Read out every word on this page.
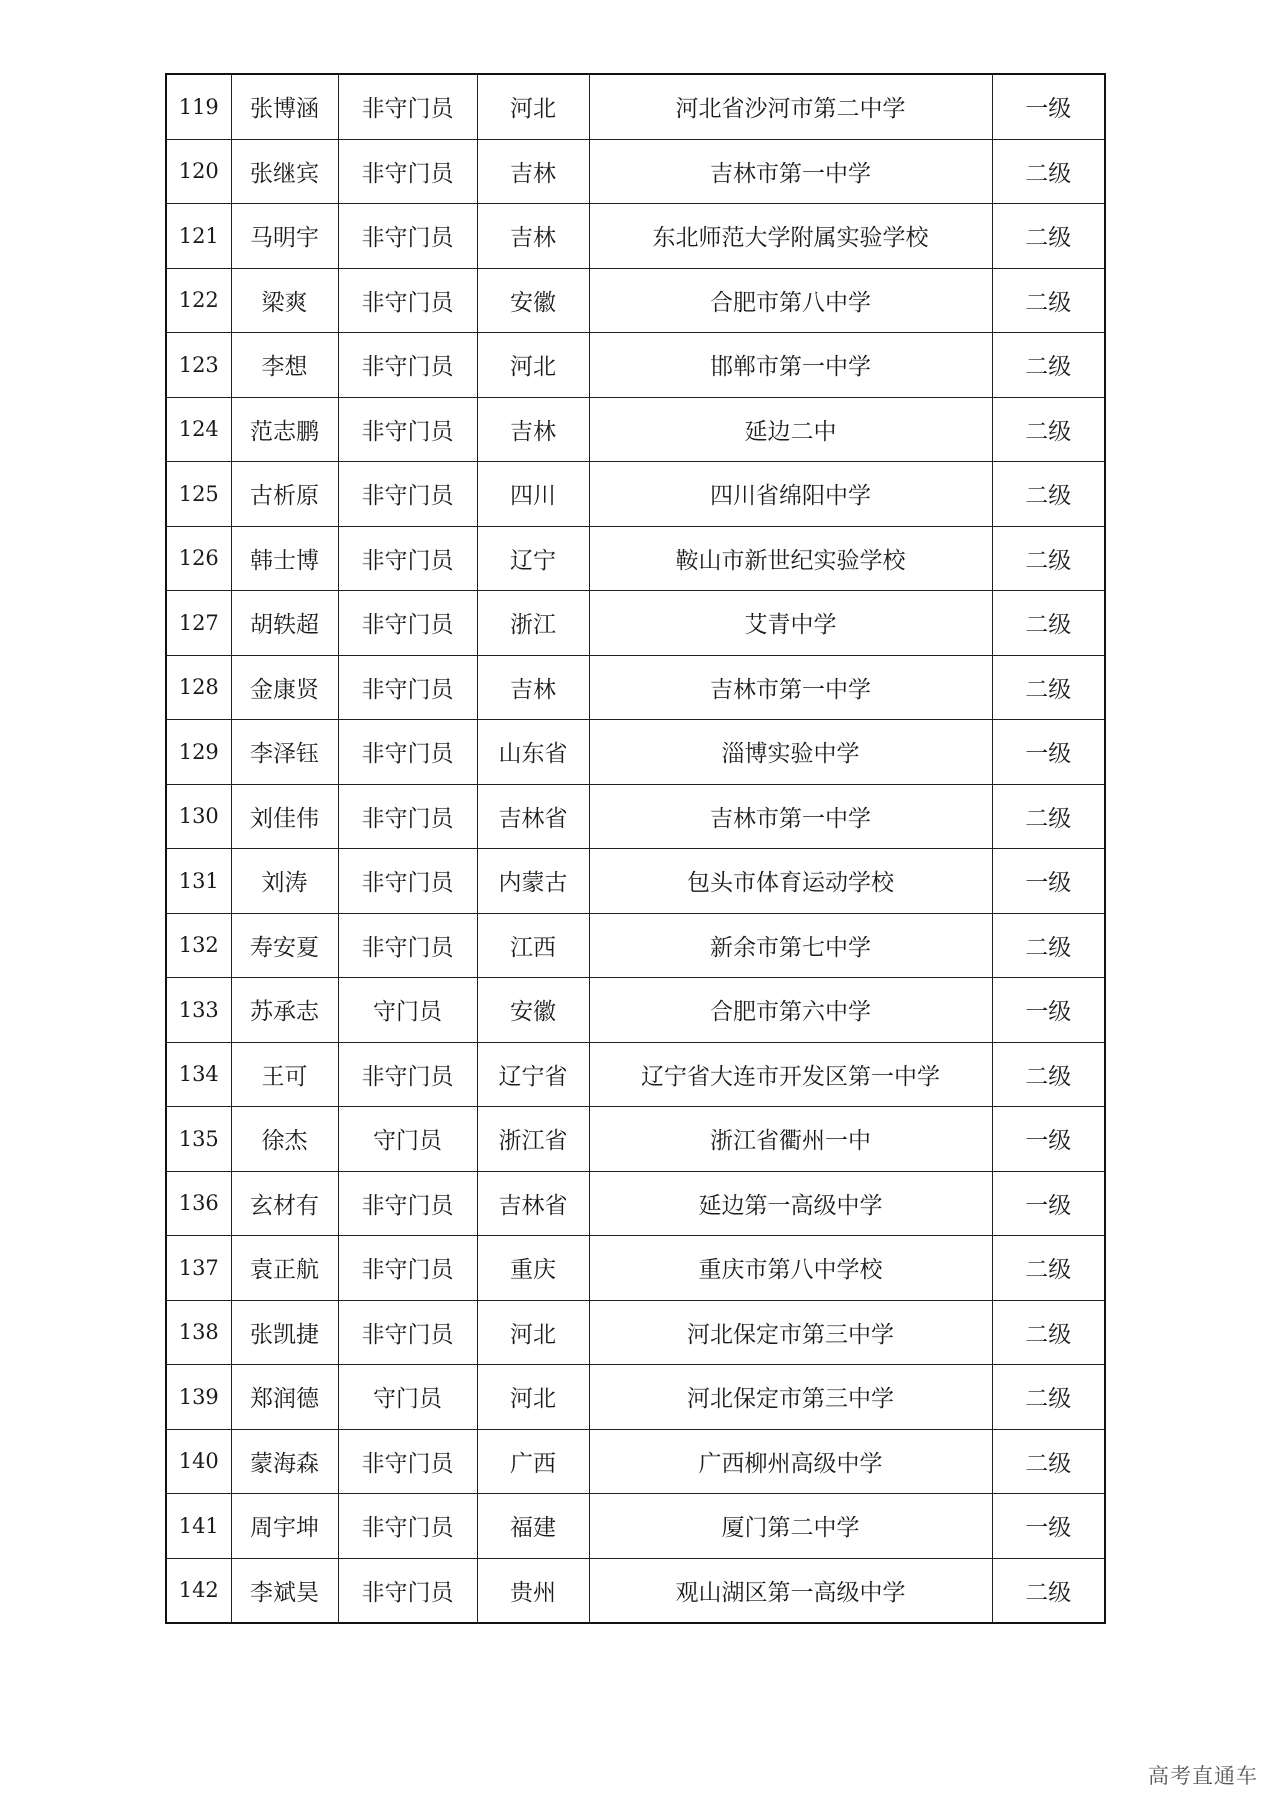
119	张博涵	非守门员	河北	河北省沙河市第二中学	一级
120	张继宾	非守门员	吉林	吉林市第一中学	二级
121	马明宇	非守门员	吉林	东北师范大学附属实验学校	二级
122	梁爽	非守门员	安徽	合肥市第八中学	二级
123	李想	非守门员	河北	邯郸市第一中学	二级
124	范志鹏	非守门员	吉林	延边二中	二级
125	古析原	非守门员	四川	四川省绵阳中学	二级
126	韩士博	非守门员	辽宁	鞍山市新世纪实验学校	二级
127	胡轶超	非守门员	浙江	艾青中学	二级
128	金康贤	非守门员	吉林	吉林市第一中学	二级
129	李泽钰	非守门员	山东省	淄博实验中学	一级
130	刘佳伟	非守门员	吉林省	吉林市第一中学	二级
131	刘涛	非守门员	内蒙古	包头市体育运动学校	一级
132	寿安夏	非守门员	江西	新余市第七中学	二级
133	苏承志	守门员	安徽	合肥市第六中学	一级
134	王可	非守门员	辽宁省	辽宁省大连市开发区第一中学	二级
135	徐杰	守门员	浙江省	浙江省衢州一中	一级
136	玄材有	非守门员	吉林省	延边第一高级中学	一级
137	袁正航	非守门员	重庆	重庆市第八中学校	二级
138	张凯捷	非守门员	河北	河北保定市第三中学	二级
139	郑润德	守门员	河北	河北保定市第三中学	二级
140	蒙海森	非守门员	广西	广西柳州高级中学	二级
141	周宇坤	非守门员	福建	厦门第二中学	一级
142	李斌昊	非守门员	贵州	观山湖区第一高级中学	二级
高考直通车
